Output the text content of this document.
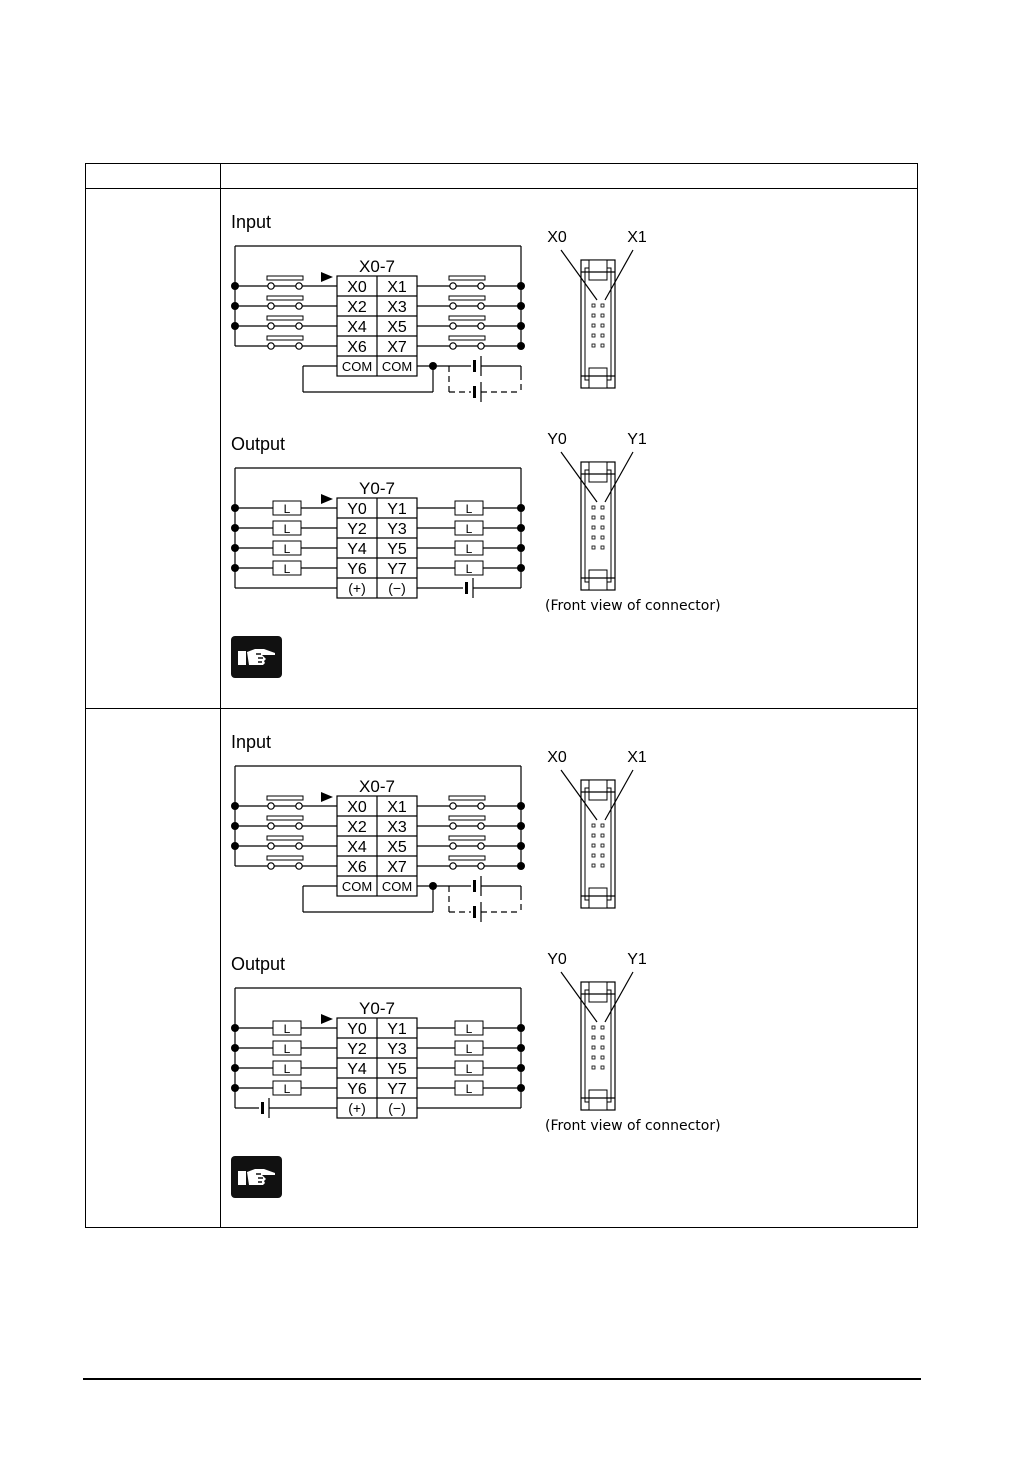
X0-7
X0 X1
X2 X3
X4 X5
X6 X7
COM COM
X0	X1
Y0-7
Y0 Y1
L	L
Y2 Y3
L	L
Y4 Y5
L	L
Y6 Y7
L	L
(+) (−)
Y0	Y1
Input
Output
(Front view of connector)
X0-7
X0 X1
X2 X3
X4 X5
X6 X7
COM COM
X0	X1
Y0-7
Y0 Y1
L	L
Y2 Y3
L	L
Y4 Y5
L	L
Y6 Y7
L	L
(+) (−)
Y0	Y1
Input
Output
(Front view of connector)
